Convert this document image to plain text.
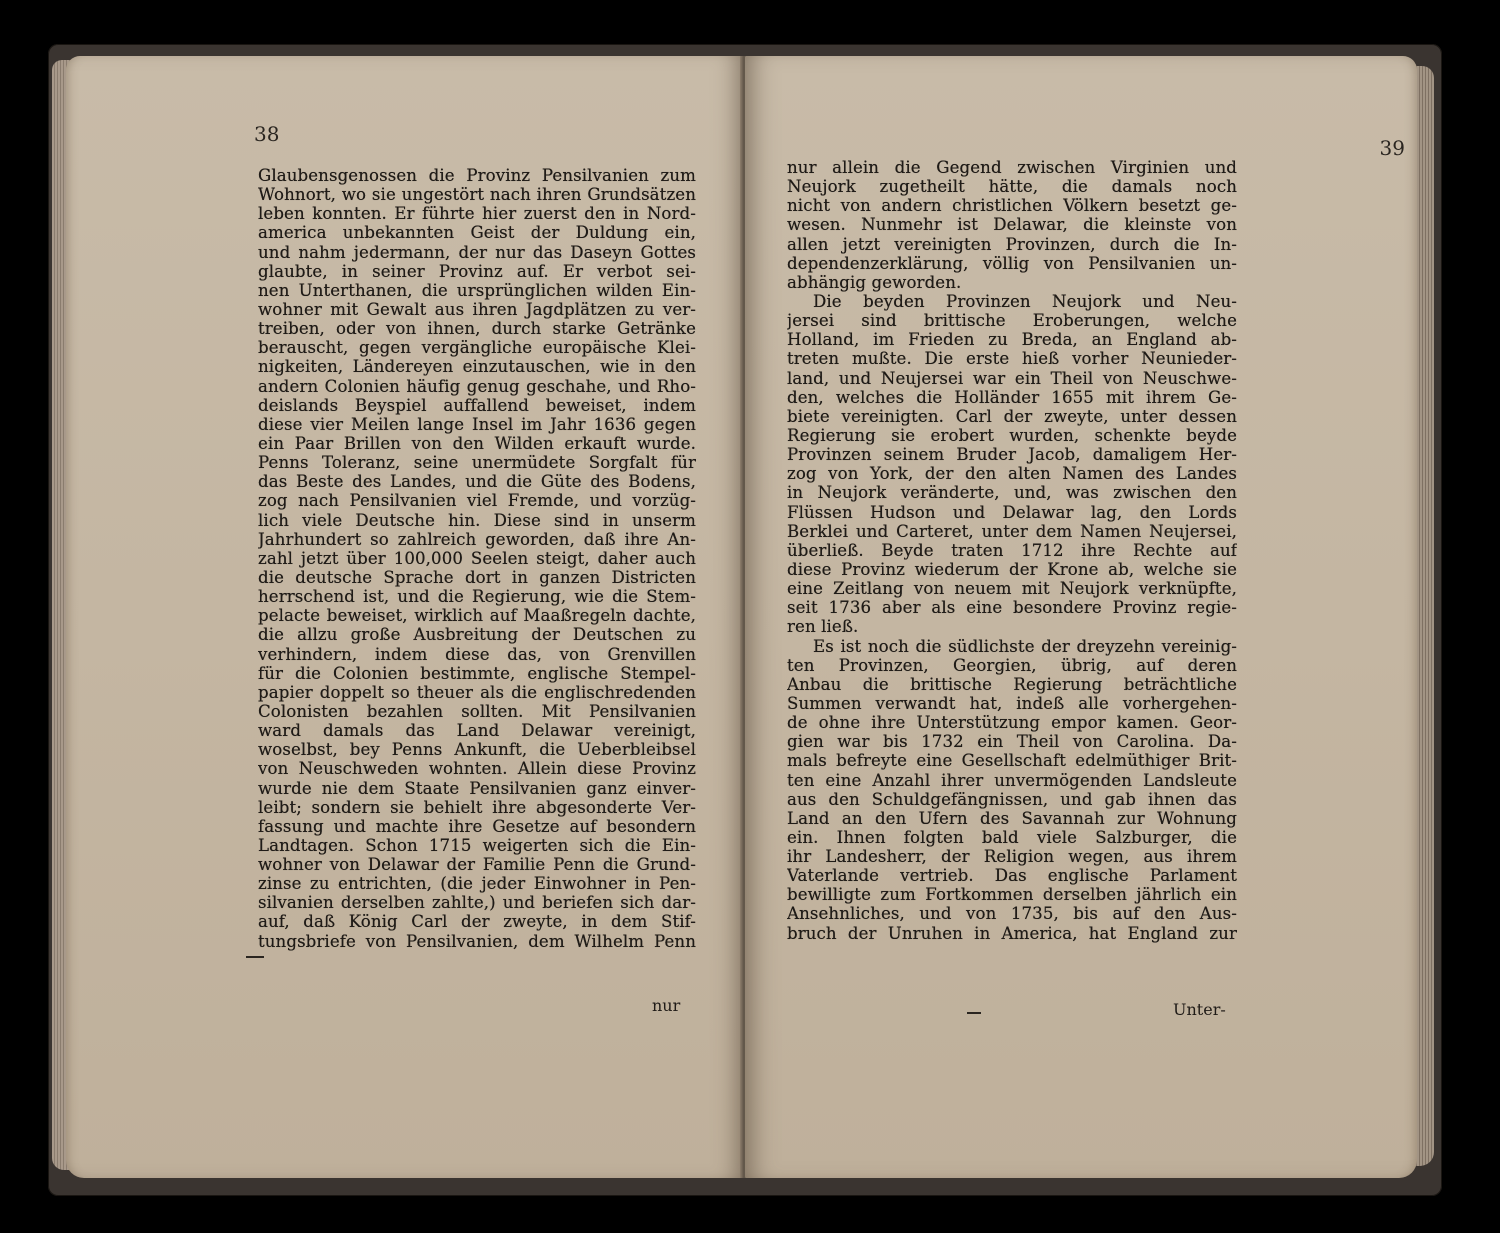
38
Glaubensgenossen die Provinz Pensilvanien zum
Wohnort, wo sie ungestört nach ihren Grundsätzen
leben konnten. Er führte hier zuerst den in Nord-
america unbekannten Geist der Duldung ein,
und nahm jedermann, der nur das Daseyn Gottes
glaubte, in seiner Provinz auf. Er verbot sei-
nen Unterthanen, die ursprünglichen wilden Ein-
wohner mit Gewalt aus ihren Jagdplätzen zu ver-
treiben, oder von ihnen, durch starke Getränke
berauscht, gegen vergängliche europäische Klei-
nigkeiten, Ländereyen einzutauschen, wie in den
andern Colonien häufig genug geschahe, und Rho-
deislands Beyspiel auffallend beweiset, indem
diese vier Meilen lange Insel im Jahr 1636 gegen
ein Paar Brillen von den Wilden erkauft wurde.
Penns Toleranz, seine unermüdete Sorgfalt für
das Beste des Landes, und die Güte des Bodens,
zog nach Pensilvanien viel Fremde, und vorzüg-
lich viele Deutsche hin. Diese sind in unserm
Jahrhundert so zahlreich geworden, daß ihre An-
zahl jetzt über 100,000 Seelen steigt, daher auch
die deutsche Sprache dort in ganzen Districten
herrschend ist, und die Regierung, wie die Stem-
pelacte beweiset, wirklich auf Maaßregeln dachte,
die allzu große Ausbreitung der Deutschen zu
verhindern, indem diese das, von Grenvillen
für die Colonien bestimmte, englische Stempel-
papier doppelt so theuer als die englischredenden
Colonisten bezahlen sollten. Mit Pensilvanien
ward damals das Land Delawar vereinigt,
woselbst, bey Penns Ankunft, die Ueberbleibsel
von Neuschweden wohnten. Allein diese Provinz
wurde nie dem Staate Pensilvanien ganz einver-
leibt; sondern sie behielt ihre abgesonderte Ver-
fassung und machte ihre Gesetze auf besondern
Landtagen. Schon 1715 weigerten sich die Ein-
wohner von Delawar der Familie Penn die Grund-
zinse zu entrichten, (die jeder Einwohner in Pen-
silvanien derselben zahlte,) und beriefen sich dar-
auf, daß König Carl der zweyte, in dem Stif-
tungsbriefe von Pensilvanien, dem Wilhelm Penn
nur
39
nur allein die Gegend zwischen Virginien und
Neujork zugetheilt hätte, die damals noch
nicht von andern christlichen Völkern besetzt ge-
wesen. Nunmehr ist Delawar, die kleinste von
allen jetzt vereinigten Provinzen, durch die In-
dependenzerklärung, völlig von Pensilvanien un-
abhängig geworden.
Die beyden Provinzen Neujork und Neu-
jersei sind brittische Eroberungen, welche
Holland, im Frieden zu Breda, an England ab-
treten mußte. Die erste hieß vorher Neunieder-
land, und Neujersei war ein Theil von Neuschwe-
den, welches die Holländer 1655 mit ihrem Ge-
biete vereinigten. Carl der zweyte, unter dessen
Regierung sie erobert wurden, schenkte beyde
Provinzen seinem Bruder Jacob, damaligem Her-
zog von York, der den alten Namen des Landes
in Neujork veränderte, und, was zwischen den
Flüssen Hudson und Delawar lag, den Lords
Berklei und Carteret, unter dem Namen Neujersei,
überließ. Beyde traten 1712 ihre Rechte auf
diese Provinz wiederum der Krone ab, welche sie
eine Zeitlang von neuem mit Neujork verknüpfte,
seit 1736 aber als eine besondere Provinz regie-
ren ließ.
Es ist noch die südlichste der dreyzehn vereinig-
ten Provinzen, Georgien, übrig, auf deren
Anbau die brittische Regierung beträchtliche
Summen verwandt hat, indeß alle vorhergehen-
de ohne ihre Unterstützung empor kamen. Geor-
gien war bis 1732 ein Theil von Carolina. Da-
mals befreyte eine Gesellschaft edelmüthiger Brit-
ten eine Anzahl ihrer unvermögenden Landsleute
aus den Schuldgefängnissen, und gab ihnen das
Land an den Ufern des Savannah zur Wohnung
ein. Ihnen folgten bald viele Salzburger, die
ihr Landesherr, der Religion wegen, aus ihrem
Vaterlande vertrieb. Das englische Parlament
bewilligte zum Fortkommen derselben jährlich ein
Ansehnliches, und von 1735, bis auf den Aus-
bruch der Unruhen in America, hat England zur
Unter-
